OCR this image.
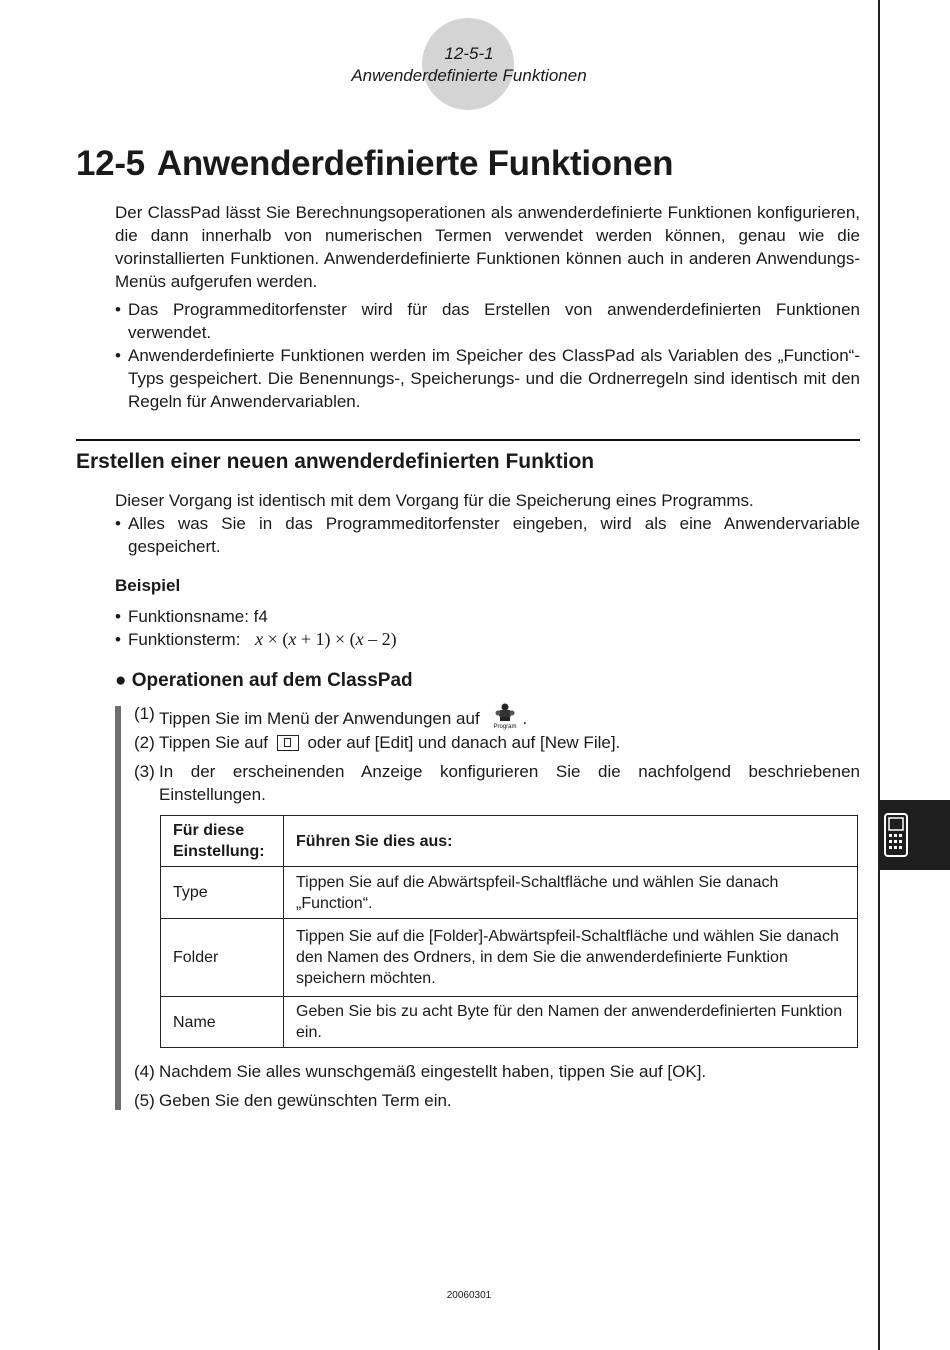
12-5-1
Anwenderdefinierte Funktionen
12-5 Anwenderdefinierte Funktionen

Der ClassPad lässt Sie Berechnungsoperationen als anwenderdefinierte Funktionen konfigurieren, die dann innerhalb von numerischen Termen verwendet werden können, genau wie die vorinstallierten Funktionen. Anwenderdefinierte Funktionen können auch in anderen Anwendungs-Menüs aufgerufen werden.

• Das Programmeditorfenster wird für das Erstellen von anwenderdefinierten Funktionen verwendet.
• Anwenderdefinierte Funktionen werden im Speicher des ClassPad als Variablen des „Function“-Typs gespeichert. Die Benennungs-, Speicherungs- und die Ordnerregeln sind identisch mit den Regeln für Anwendervariablen.
Erstellen einer neuen anwenderdefinierten Funktion

Dieser Vorgang ist identisch mit dem Vorgang für die Speicherung eines Programms.

• Alles was Sie in das Programmeditorfenster eingeben, wird als eine Anwendervariable gespeichert.

Beispiel

• Funktionsname: f4
• Funktionsterm: x × (x + 1) × (x – 2)
● Operationen auf dem ClassPad
(1) Tippen Sie im Menü der Anwendungen auf Program .
(2) Tippen Sie auf oder auf [Edit] und danach auf [New File].
(3) In der erscheinenden Anzeige konfigurieren Sie die nachfolgend beschriebenen Einstellungen.
Für diese Einstellung:	Führen Sie dies aus:
Type	Tippen Sie auf die Abwärtspfeil-Schaltfläche und wählen Sie danach „Function“.
Folder	Tippen Sie auf die [Folder]-Abwärtspfeil-Schaltfläche und wählen Sie danach den Namen des Ordners, in dem Sie die anwenderdefinierte Funktion speichern möchten.
Name	Geben Sie bis zu acht Byte für den Namen der anwenderdefinierten Funktion ein.
(4) Nachdem Sie alles wunschgemäß eingestellt haben, tippen Sie auf [OK].
(5) Geben Sie den gewünschten Term ein.
20060301
